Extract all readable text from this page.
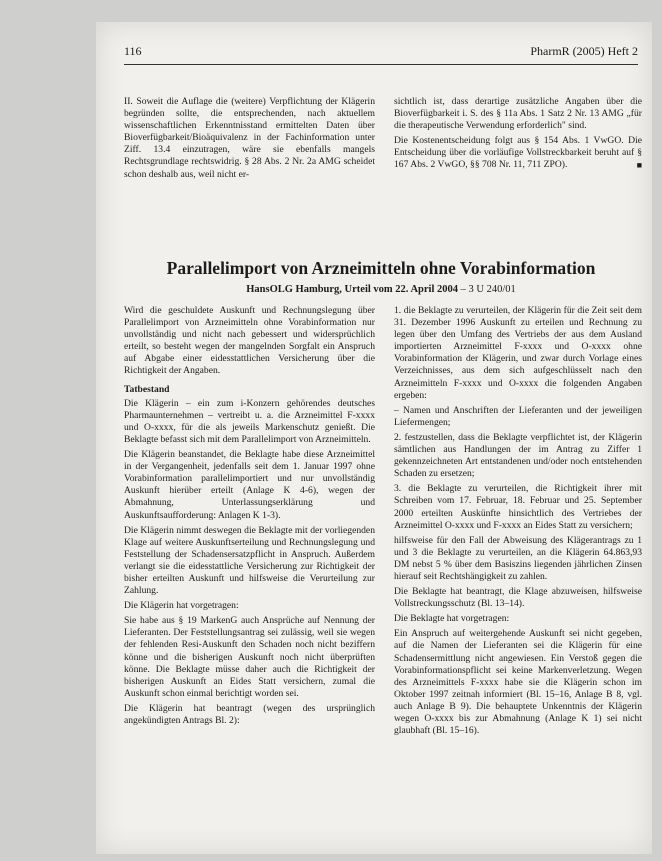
116	PharmR (2005) Heft 2

II. Soweit die Auflage die (weitere) Verpflichtung der Klägerin begründen sollte, die entsprechenden, nach aktuellem wissenschaftlichen Erkenntnisstand ermittelten Daten über Bioverfügbarkeit/Bioäquivalenz in der Fachinformation unter Ziff. 13.4 einzutragen, wäre sie ebenfalls mangels Rechtsgrundlage rechtswidrig. § 28 Abs. 2 Nr. 2a AMG scheidet schon deshalb aus, weil nicht er-

sichtlich ist, dass derartige zusätzliche Angaben über die Bioverfügbarkeit i. S. des § 11a Abs. 1 Satz 2 Nr. 13 AMG „für die therapeutische Verwendung erforderlich" sind.

Die Kostenentscheidung folgt aus § 154 Abs. 1 VwGO. Die Entscheidung über die vorläufige Vollstreckbarkeit beruht auf § 167 Abs. 2 VwGO, §§ 708 Nr. 11, 711 ZPO).	■

Parallelimport von Arzneimitteln ohne Vorabinformation
HansOLG Hamburg, Urteil vom 22. April 2004 – 3 U 240/01

Wird die geschuldete Auskunft und Rechnungslegung über Parallelimport von Arzneimitteln ohne Vorabinformation nur unvollständig und nicht nach gebessert und widersprüchlich erteilt, so besteht wegen der mangelnden Sorgfalt ein Anspruch auf Abgabe einer eidesstattlichen Versicherung über die Richtigkeit der Angaben.

Tatbestand

Die Klägerin – ein zum i-Konzern gehörendes deutsches Pharmaunternehmen – vertreibt u. a. die Arzneimittel F-xxxx und O-xxxx, für die als jeweils Markenschutz genießt. Die Beklagte befasst sich mit dem Parallelimport von Arzneimitteln.

Die Klägerin beanstandet, die Beklagte habe diese Arzneimittel in der Vergangenheit, jedenfalls seit dem 1. Januar 1997 ohne Vorabinformation parallelimportiert und nur unvollständig Auskunft hierüber erteilt (Anlage K 4-6), wegen der Abmahnung, Unterlassungserklärung und Auskunftsaufforderung: Anlagen K 1-3).

Die Klägerin nimmt deswegen die Beklagte mit der vorliegenden Klage auf weitere Auskunftserteilung und Rechnungslegung und Feststellung der Schadensersatzpflicht in Anspruch. Außerdem verlangt sie die eidesstattliche Versicherung zur Richtigkeit der bisher erteilten Auskunft und hilfsweise die Verurteilung zur Zahlung.

Die Klägerin hat vorgetragen:

Sie habe aus § 19 MarkenG auch Ansprüche auf Nennung der Lieferanten. Der Feststellungsantrag sei zulässig, weil sie wegen der fehlenden Resi-Auskunft den Schaden noch nicht beziffern könne und die bisherigen Auskunft noch nicht überprüften könne. Die Beklagte müsse daher auch die Richtigkeit der bisherigen Auskunft an Eides Statt versichern, zumal die Auskunft schon einmal berichtigt worden sei.

Die Klägerin hat beantragt (wegen des ursprünglich angekündigten Antrags Bl. 2):

1. die Beklagte zu verurteilen, der Klägerin für die Zeit seit dem 31. Dezember 1996 Auskunft zu erteilen und Rechnung zu legen über den Umfang des Vertriebs der aus dem Ausland importierten Arzneimittel F-xxxx und O-xxxx ohne Vorabinformation der Klägerin, und zwar durch Vorlage eines Verzeichnisses, aus dem sich aufgeschlüsselt nach den Arzneimitteln F-xxxx und O-xxxx die folgenden Angaben ergeben:

– Namen und Anschriften der Lieferanten und der jeweiligen Liefermengen;

2. festzustellen, dass die Beklagte verpflichtet ist, der Klägerin sämtlichen aus Handlungen der im Antrag zu Ziffer 1 gekennzeichneten Art entstandenen und/oder noch entstehenden Schaden zu ersetzen;

3. die Beklagte zu verurteilen, die Richtigkeit ihrer mit Schreiben vom 17. Februar, 18. Februar und 25. September 2000 erteilten Auskünfte hinsichtlich des Vertriebes der Arzneimittel O-xxxx und F-xxxx an Eides Statt zu versichern;

hilfsweise für den Fall der Abweisung des Klägerantrags zu 1 und 3 die Beklagte zu verurteilen, an die Klägerin 64.863,93 DM nebst 5 % über dem Basiszins liegenden jährlichen Zinsen hierauf seit Rechtshängigkeit zu zahlen.

Die Beklagte hat beantragt, die Klage abzuweisen, hilfsweise Vollstreckungsschutz (Bl. 13–14).

Die Beklagte hat vorgetragen:

Ein Anspruch auf weitergehende Auskunft sei nicht gegeben, auf die Namen der Lieferanten sei die Klägerin für eine Schadensermittlung nicht angewiesen. Ein Verstoß gegen die Vorabinformationspflicht sei keine Markenverletzung. Wegen des Arzneimittels F-xxxx habe sie die Klägerin schon im Oktober 1997 zeitnah informiert (Bl. 15–16, Anlage B 8, vgl. auch Anlage B 9). Die behauptete Unkenntnis der Klägerin wegen O-xxxx bis zur Abmahnung (Anlage K 1) sei nicht glaubhaft (Bl. 15–16).
